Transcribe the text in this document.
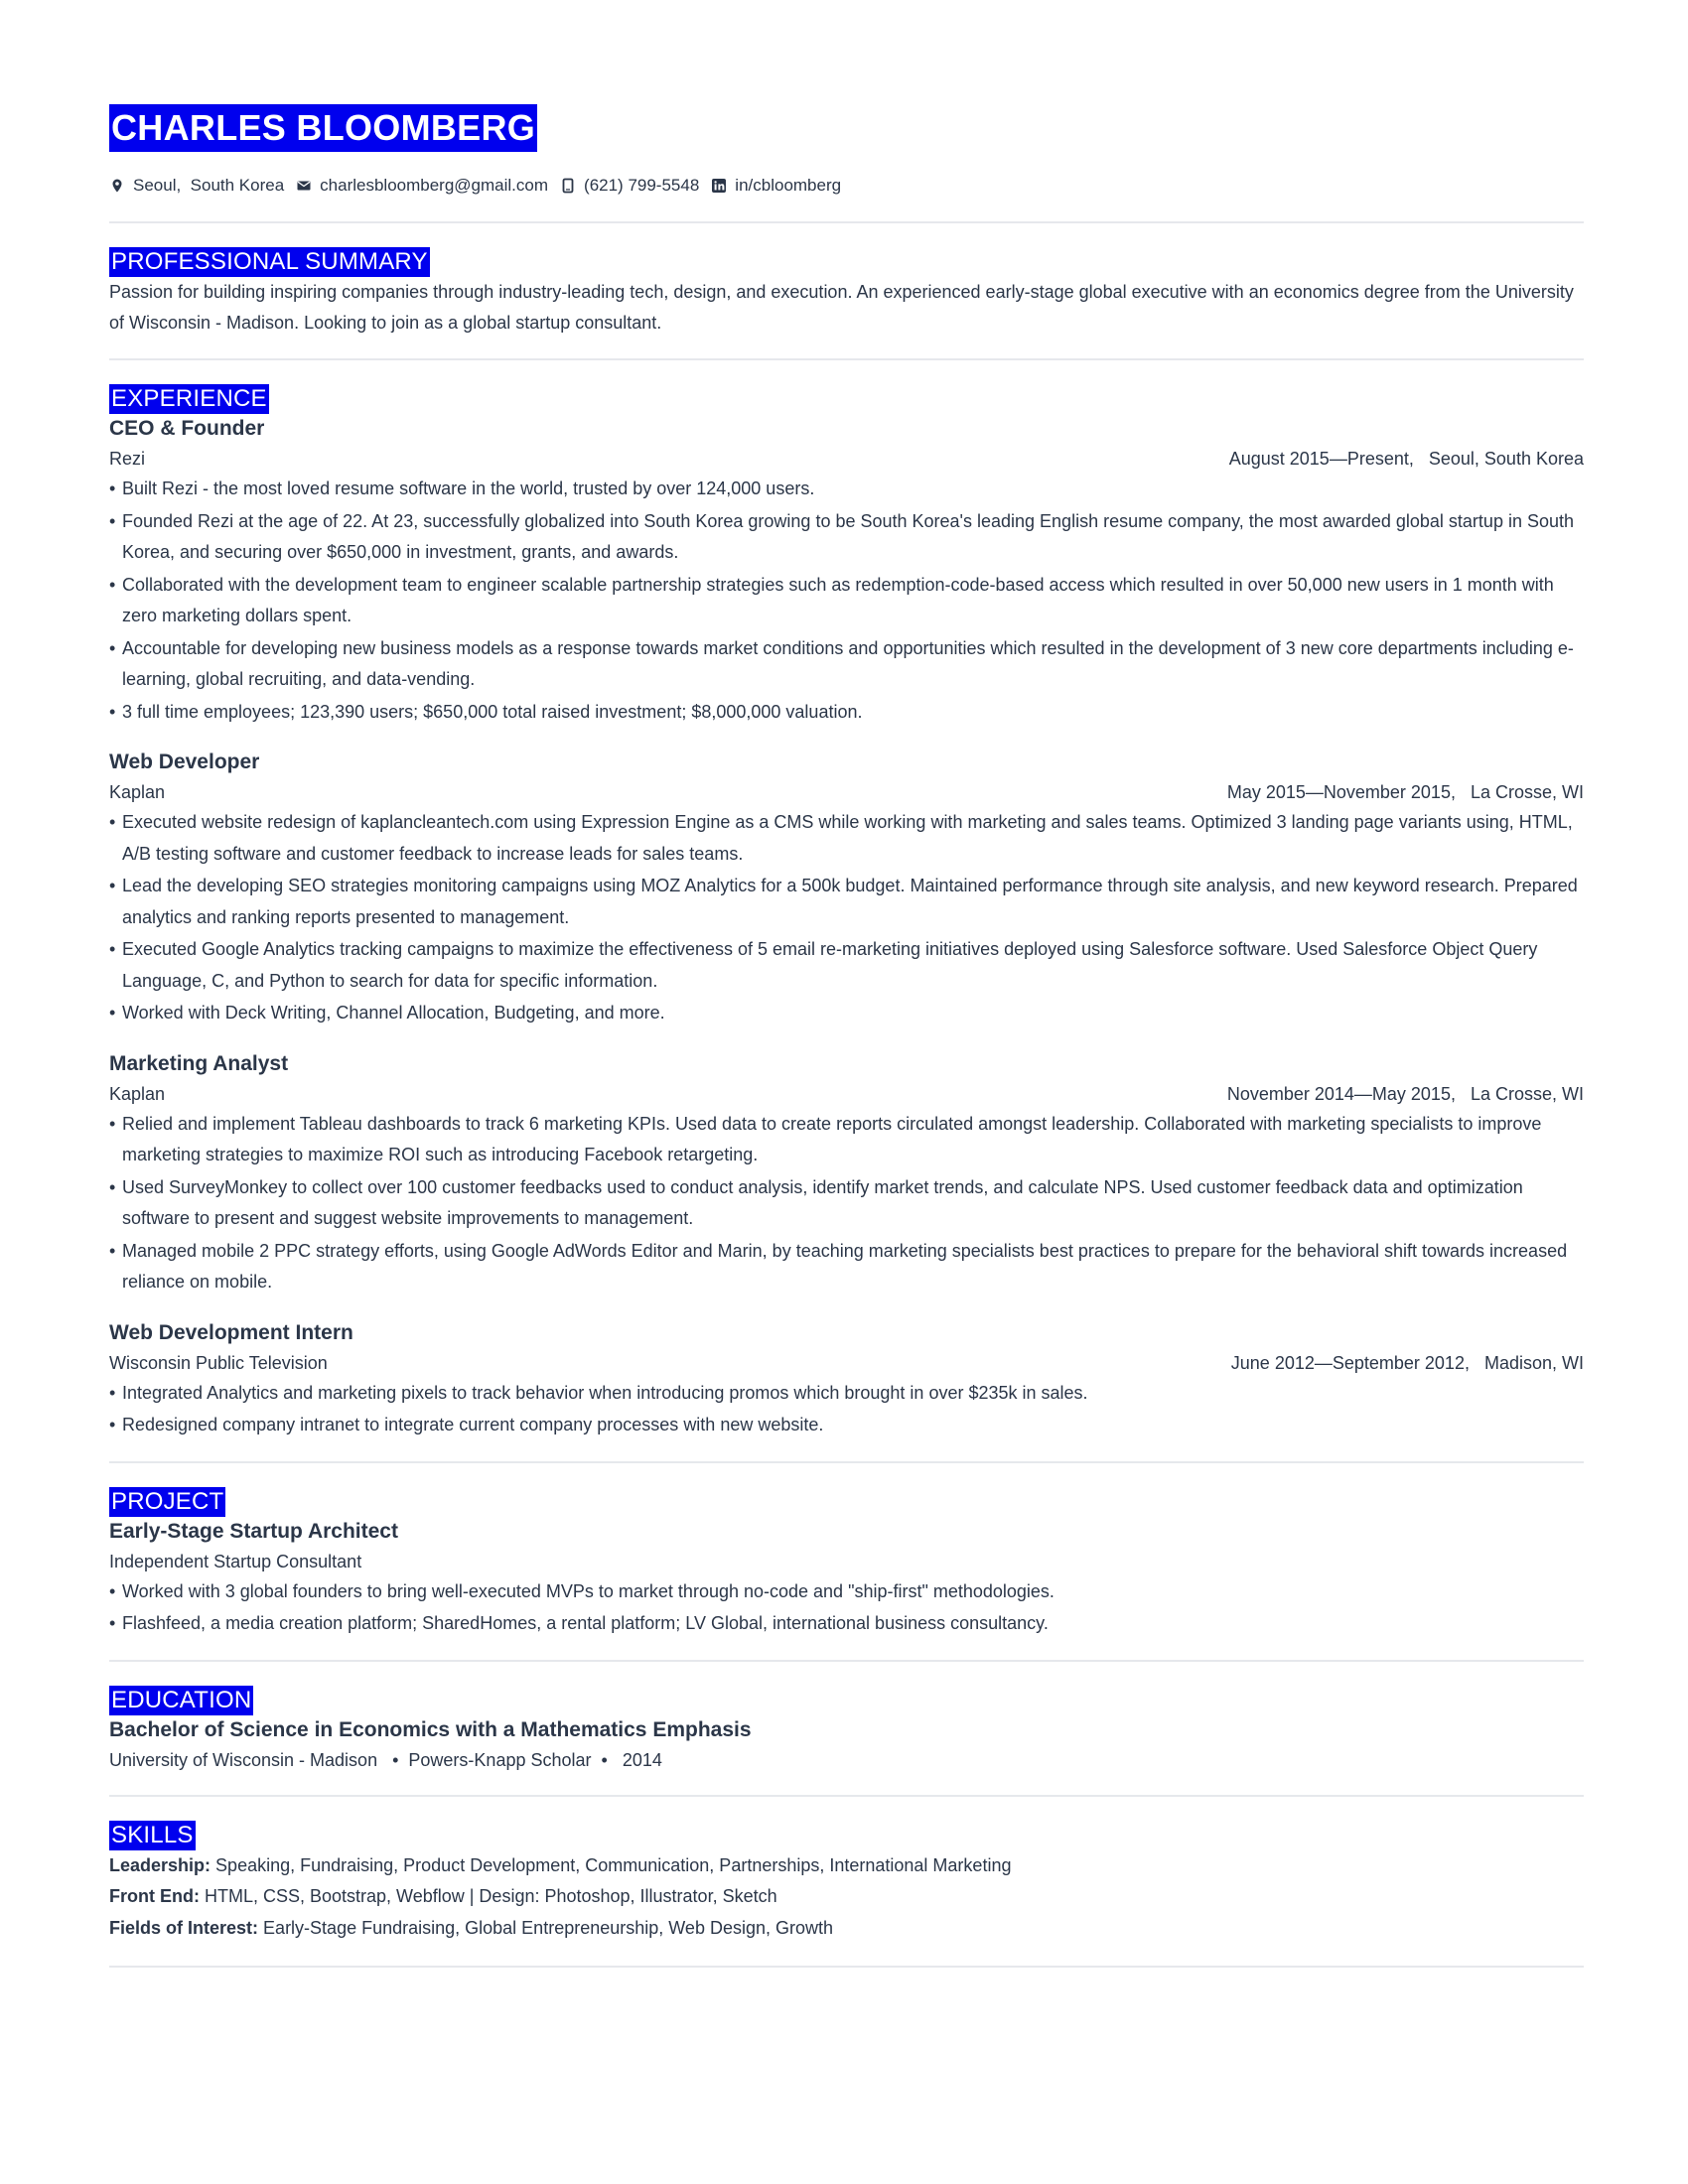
CHARLES BLOOMBERG
Seoul,
South Korea charlesbloomberg@gmail.com (621) 799-5548 in/cbloomberg
PROFESSIONAL SUMMARY

Passion for building inspiring companies through industry-leading tech, design, and execution. An experienced early-stage global executive with an economics degree from the University of Wisconsin - Madison. Looking to join as a global startup consultant.

EXPERIENCE
CEO & Founder
Rezi	August 2015—Present, Seoul, South Korea
• Built Rezi - the most loved resume software in the world, trusted by over 124,000 users.
• Founded Rezi at the age of 22. At 23, successfully globalized into South Korea growing to be South Korea's leading English resume company, the most awarded global startup in South Korea, and securing over $650,000 in investment, grants, and awards.
• Collaborated with the development team to engineer scalable partnership strategies such as redemption-code-based access which resulted in over 50,000 new users in 1 month with zero marketing dollars spent.
• Accountable for developing new business models as a response towards market conditions and opportunities which resulted in the development of 3 new core departments including e-learning, global recruiting, and data-vending.
• 3 full time employees; 123,390 users; $650,000 total raised investment; $8,000,000 valuation.
Web Developer
Kaplan	May 2015—November 2015, La Crosse, WI
• Executed website redesign of kaplancleantech.com using Expression Engine as a CMS while working with marketing and sales teams. Optimized 3 landing page variants using, HTML, A/B testing software and customer feedback to increase leads for sales teams.
• Lead the developing SEO strategies monitoring campaigns using MOZ Analytics for a 500k budget. Maintained performance through site analysis, and new keyword research. Prepared analytics and ranking reports presented to management.
• Executed Google Analytics tracking campaigns to maximize the effectiveness of 5 email re-marketing initiatives deployed using Salesforce software. Used Salesforce Object Query Language, C, and Python to search for data for specific information.
• Worked with Deck Writing, Channel Allocation, Budgeting, and more.
Marketing Analyst
Kaplan	November 2014—May 2015, La Crosse, WI
• Relied and implement Tableau dashboards to track 6 marketing KPIs. Used data to create reports circulated amongst leadership. Collaborated with marketing specialists to improve marketing strategies to maximize ROI such as introducing Facebook retargeting.
• Used SurveyMonkey to collect over 100 customer feedbacks used to conduct analysis, identify market trends, and calculate NPS. Used customer feedback data and optimization software to present and suggest website improvements to management.
• Managed mobile 2 PPC strategy efforts, using Google AdWords Editor and Marin, by teaching marketing specialists best practices to prepare for the behavioral shift towards increased reliance on mobile.
Web Development Intern
Wisconsin Public Television	June 2012—September 2012, Madison, WI
• Integrated Analytics and marketing pixels to track behavior when introducing promos which brought in over $235k in sales.
• Redesigned company intranet to integrate current company processes with new website.
PROJECT
Early-Stage Startup Architect
Independent Startup Consultant
• Worked with 3 global founders to bring well-executed MVPs to market through no-code and "ship-first" methodologies.
• Flashfeed, a media creation platform; SharedHomes, a rental platform; LV Global, international business consultancy.
EDUCATION
Bachelor of Science in Economics with a Mathematics Emphasis
University of Wisconsin - Madison   •  Powers-Knapp Scholar  •   2014
SKILLS
Leadership: Speaking, Fundraising, Product Development, Communication, Partnerships, International Marketing
Front End: HTML, CSS, Bootstrap, Webflow | Design: Photoshop, Illustrator, Sketch
Fields of Interest: Early-Stage Fundraising, Global Entrepreneurship, Web Design, Growth
